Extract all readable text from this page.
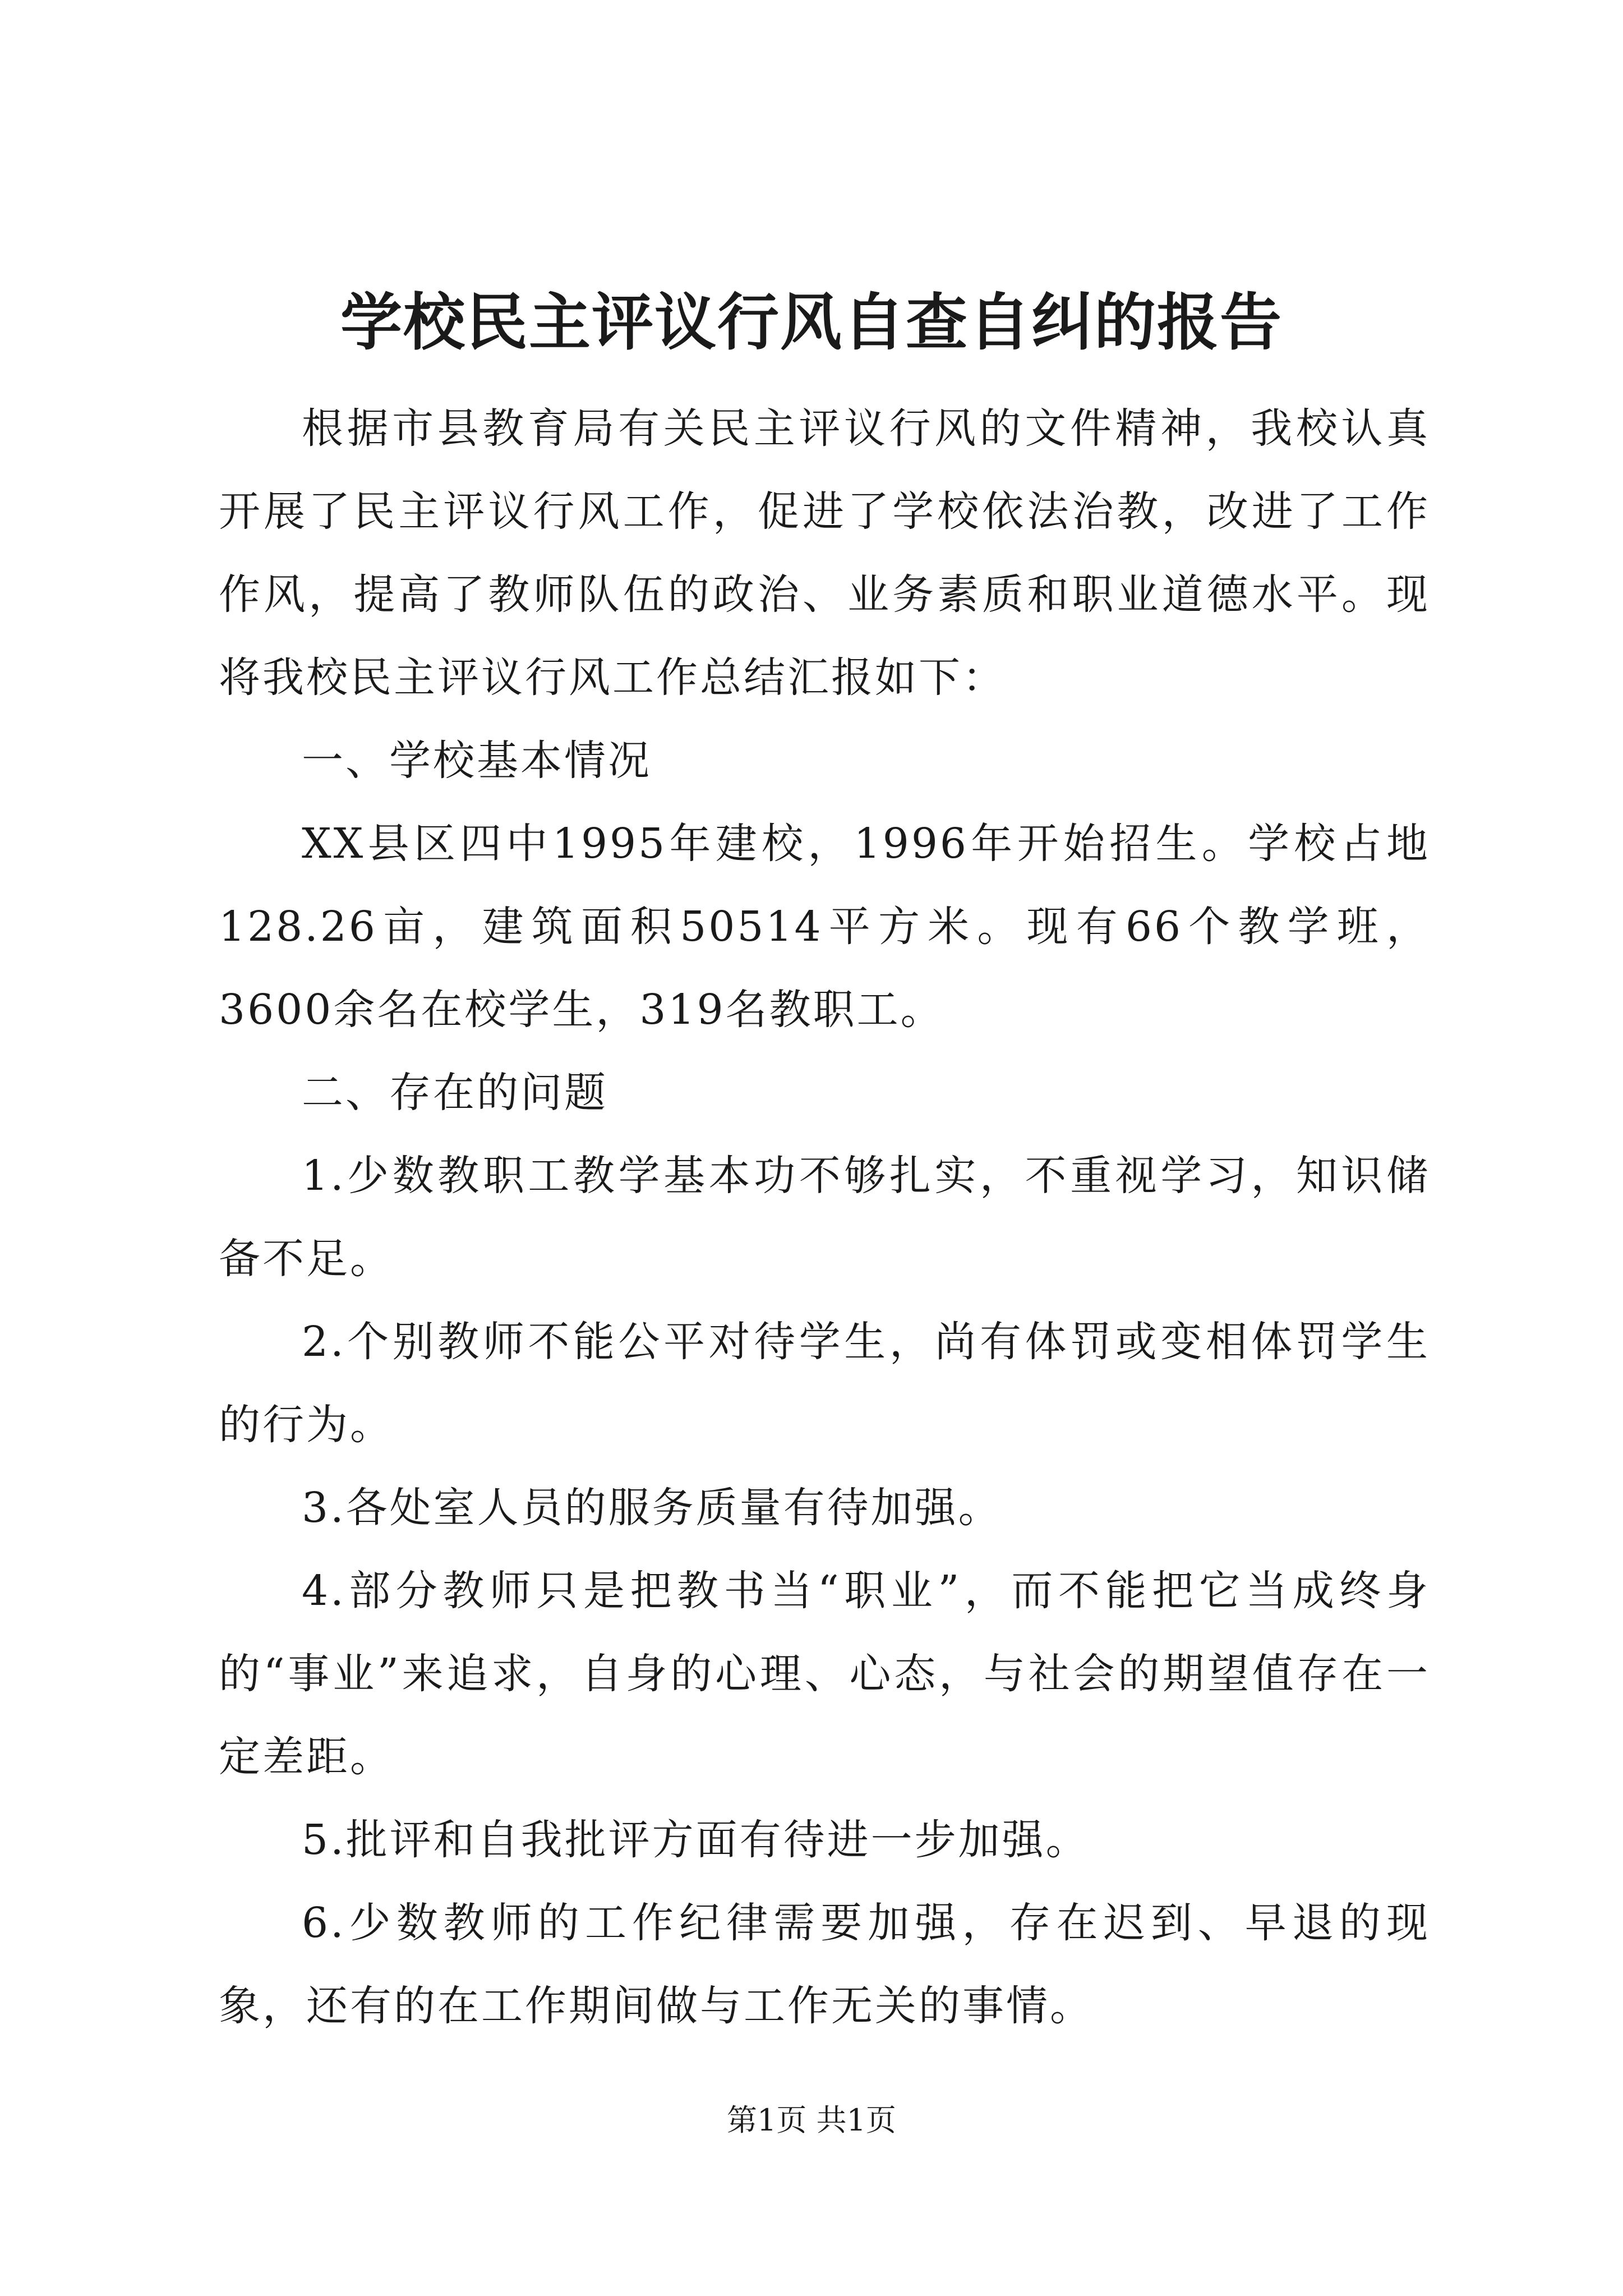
学校民主评议行风自查自纠的报告

根据市县教育局有关民主评议行风的文件精神，我校认真开展了民主评议行风工作，促进了学校依法治教，改进了工作作风，提高了教师队伍的政治、业务素质和职业道德水平。现将我校民主评议行风工作总结汇报如下：

一、学校基本情况

XX县区四中1995年建校，1996年开始招生。学校占地128.26亩，建筑面积50514平方米。现有66个教学班，3600余名在校学生，319名教职工。

二、存在的问题

1.少数教职工教学基本功不够扎实，不重视学习，知识储备不足。

2.个别教师不能公平对待学生，尚有体罚或变相体罚学生的行为。

3.各处室人员的服务质量有待加强。

4.部分教师只是把教书当“职业”，而不能把它当成终身的“事业”来追求，自身的心理、心态，与社会的期望值存在一定差距。

5.批评和自我批评方面有待进一步加强。

6.少数教师的工作纪律需要加强，存在迟到、早退的现象，还有的在工作期间做与工作无关的事情。

第1页 共1页
